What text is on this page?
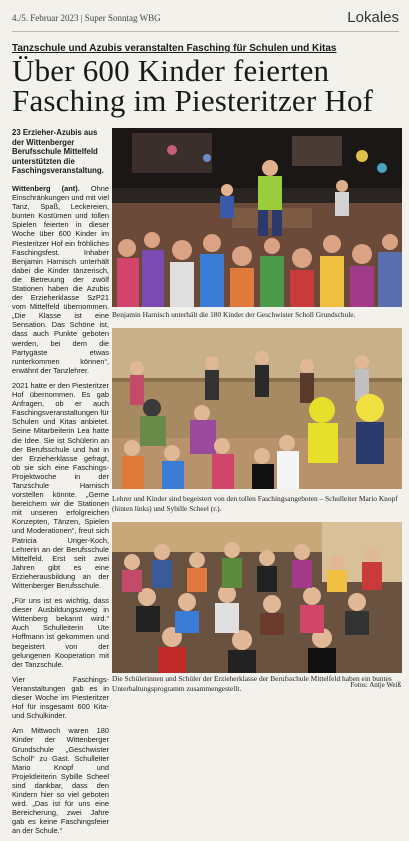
4./5. Februar 2023 | Super Sonntag WBG	Lokales
Tanzschule und Azubis veranstalten Fasching für Schulen und Kitas
Über 600 Kinder feierten Fasching im Piesteritzer Hof

23 Erzieher-Azubis aus der Wittenberger Berufsschule Mittelfeld unterstützten die Faschingsveranstaltung.

Wittenberg (ant). Ohne Einschränkungen und mit viel Tanz, Spaß, Leckereien, bunten Kostümen und tollen Spielen feierten in dieser Woche über 600 Kinder im Piesteritzer Hof ein fröhliches Faschingsfest. Inhaber Benjamin Harnisch unterhält dabei die Kinder tänzerisch, die Betreuung der zwölf Stationen haben die Azubis der Erzieherklasse SzP21 vom Mittelfeld übernommen. „Die Klasse ist eine Sensation. Das Schöne ist, dass auch Punkte geboten werden, bei dem die Partygäste etwas runterkommen können“, erwähnt der Tanzlehrer.

2021 hatte er den Piesteritzer Hof übernommen. Es gab Anfragen, ob er auch Faschingsveranstaltungen für Schulen und Kitas anbietet. Seine Mitarbeiterin Lea hatte die Idee. Sie ist Schülerin an der Berufsschule und hat in der Erzieherklasse gefragt, ob sie sich eine Faschings-Projektwoche in der Tanzschule Harnisch vorstellen könnte. „Gerne bereichern wir die Stationen mit unseren erfolgreichen Konzepten, Tänzen, Spielen und Moderationen“, freut sich Patricia Unger-Koch, Lehrerin an der Berufsschule Mittelfeld. Erst seit zwei Jahren gibt es eine Erzieherausbildung an der Wittenberger Berufsschule.

„Für uns ist es wichtig, dass dieser Ausbildungszweig in Wittenberg bekannt wird.“ Auch Schulleiterin Ute Hoffmann ist gekommen und begeistert von der gelungenen Kooperation mit der Tanzschule.

Vier Faschings-Veranstaltungen gab es in dieser Woche im Piesteritzer Hof für insgesamt 600 Kita- und Schulkinder.

Am Mittwoch waren 180 Kinder der Wittenberger Grundschule „Geschwister Scholl“ zu Gast. Schulleiter Mario Knopf und Projektleiterin Sybille Scheel sind dankbar, dass den Kindern hier so viel geboten wird. „Das ist für uns eine Bereicherung, zwei Jahre gab es keine Faschingsfeier an der Schule.“

Benjamin Harnisch unterhält die 180 Kinder der Geschwister Scholl Grundschule.
Lehrer und Kinder sind begeistert von den tollen Faschingsangeboten – Schulleiter Mario Knopf (hinten links) und Sybille Scheel (r.).
Die Schülerinnen und Schüler der Erzieherklasse der Berufsschule Mittelfeld haben ein buntes Unterhaltungsprogramm zusammengestellt.	Fotos: Antje Weiß
